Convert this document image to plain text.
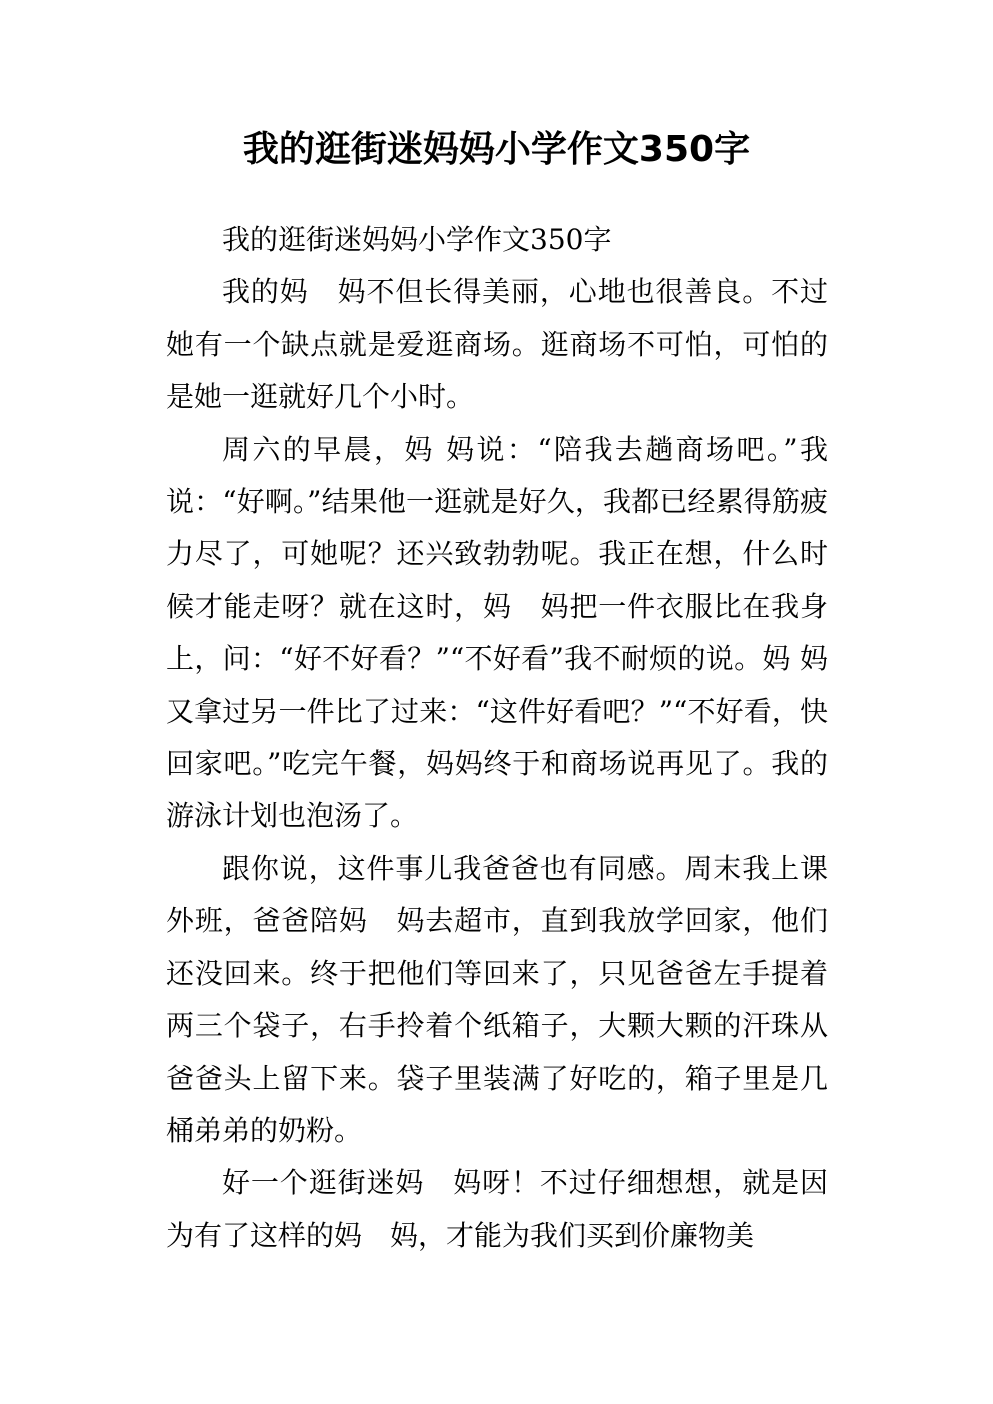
我的逛街迷妈妈小学作文350字

我的逛街迷妈妈小学作文350字

我的妈　妈不但长得美丽，心地也很善良。不过她有一个缺点就是爱逛商场。逛商场不可怕，可怕的是她一逛就好几个小时。

周六的早晨，妈 妈说：“陪我去趟商场吧。”我说：“好啊。”结果他一逛就是好久，我都已经累得筋疲力尽了，可她呢？还兴致勃勃呢。我正在想，什么时候才能走呀？就在这时，妈　妈把一件衣服比在我身上，问：“好不好看？”“不好看”我不耐烦的说。妈 妈又拿过另一件比了过来：“这件好看吧？”“不好看，快回家吧。”吃完午餐，妈妈终于和商场说再见了。我的游泳计划也泡汤了。

跟你说，这件事儿我爸爸也有同感。周末我上课外班，爸爸陪妈　妈去超市，直到我放学回家，他们还没回来。终于把他们等回来了，只见爸爸左手提着两三个袋子，右手拎着个纸箱子，大颗大颗的汗珠从爸爸头上留下来。袋子里装满了好吃的，箱子里是几桶弟弟的奶粉。

好一个逛街迷妈　妈呀！不过仔细想想，就是因为有了这样的妈　妈，才能为我们买到价廉物美
